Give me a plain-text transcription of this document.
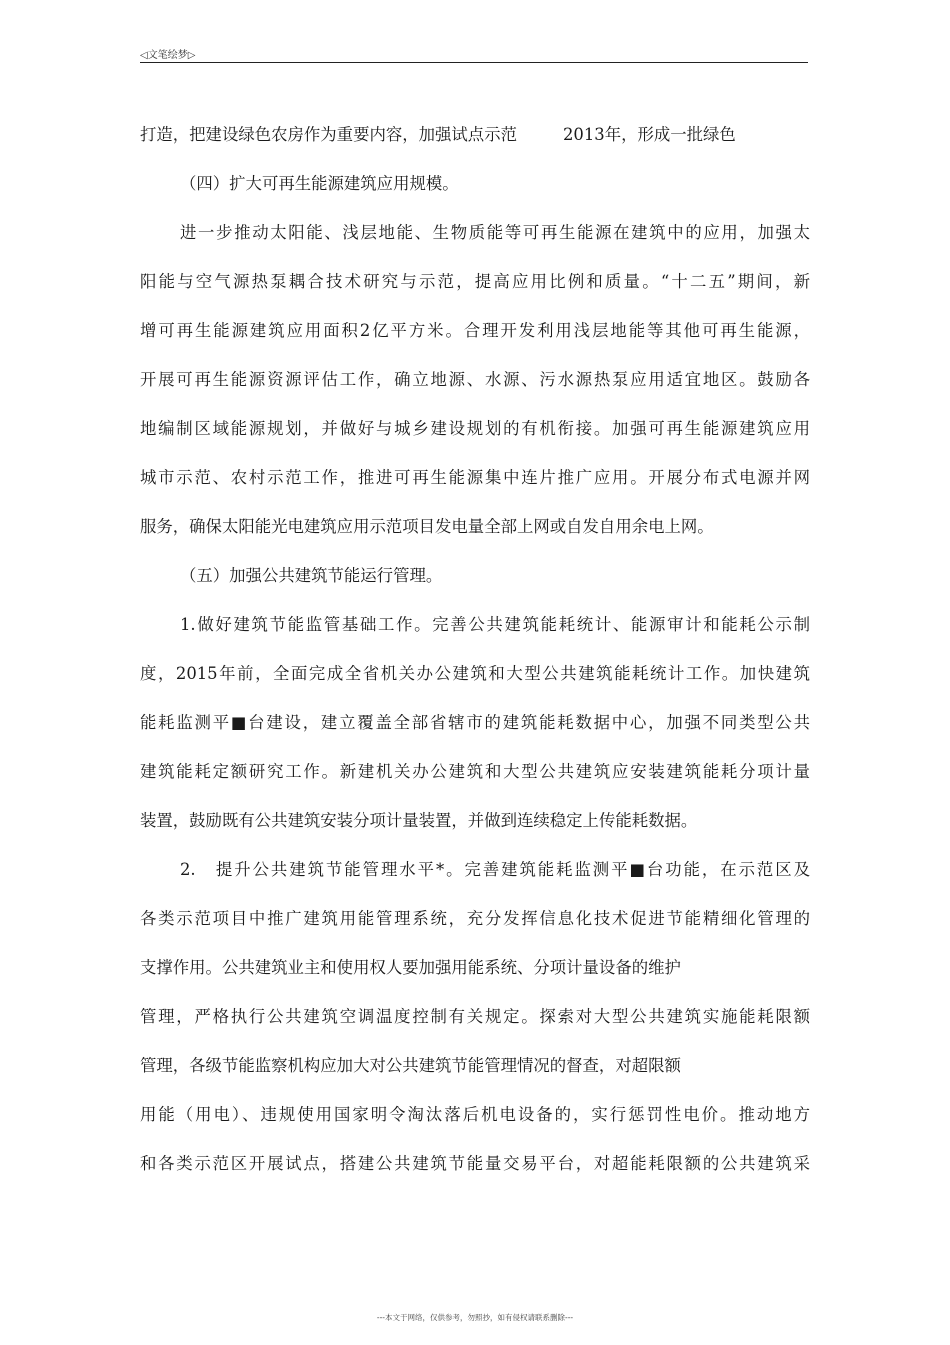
◁文笔绘梦▷
打造，把建设绿色农房作为重要内容，加强试点示范	2013年，形成一批绿色
（四）扩大可再生能源建筑应用规模。
进一步推动太阳能、浅层地能、生物质能等可再生能源在建筑中的应用，加强太
阳能与空气源热泵耦合技术研究与示范，提高应用比例和质量。“十二五”期间，新
增可再生能源建筑应用面积2亿平方米。合理开发利用浅层地能等其他可再生能源，
开展可再生能源资源评估工作，确立地源、水源、污水源热泵应用适宜地区。鼓励各
地编制区域能源规划，并做好与城乡建设规划的有机衔接。加强可再生能源建筑应用
城市示范、农村示范工作，推进可再生能源集中连片推广应用。开展分布式电源并网
服务，确保太阳能光电建筑应用示范项目发电量全部上网或自发自用余电上网。
（五）加强公共建筑节能运行管理。
1.做好建筑节能监管基础工作。完善公共建筑能耗统计、能源审计和能耗公示制
度，2015年前，全面完成全省机关办公建筑和大型公共建筑能耗统计工作。加快建筑
能耗监测平■台建设，建立覆盖全部省辖市的建筑能耗数据中心，加强不同类型公共
建筑能耗定额研究工作。新建机关办公建筑和大型公共建筑应安装建筑能耗分项计量
装置，鼓励既有公共建筑安装分项计量装置，并做到连续稳定上传能耗数据。
2.　提升公共建筑节能管理水平*。完善建筑能耗监测平■台功能，在示范区及
各类示范项目中推广建筑用能管理系统，充分发挥信息化技术促进节能精细化管理的
支撑作用。公共建筑业主和使用权人要加强用能系统、分项计量设备的维护
管理，严格执行公共建筑空调温度控制有关规定。探索对大型公共建筑实施能耗限额
管理，各级节能监察机构应加大对公共建筑节能管理情况的督查，对超限额
用能（用电）、违规使用国家明令淘汰落后机电设备的，实行惩罚性电价。推动地方
和各类示范区开展试点，搭建公共建筑节能量交易平台，对超能耗限额的公共建筑采
---本文于网络，仅供参考，勿照抄，如有侵权请联系删除---
